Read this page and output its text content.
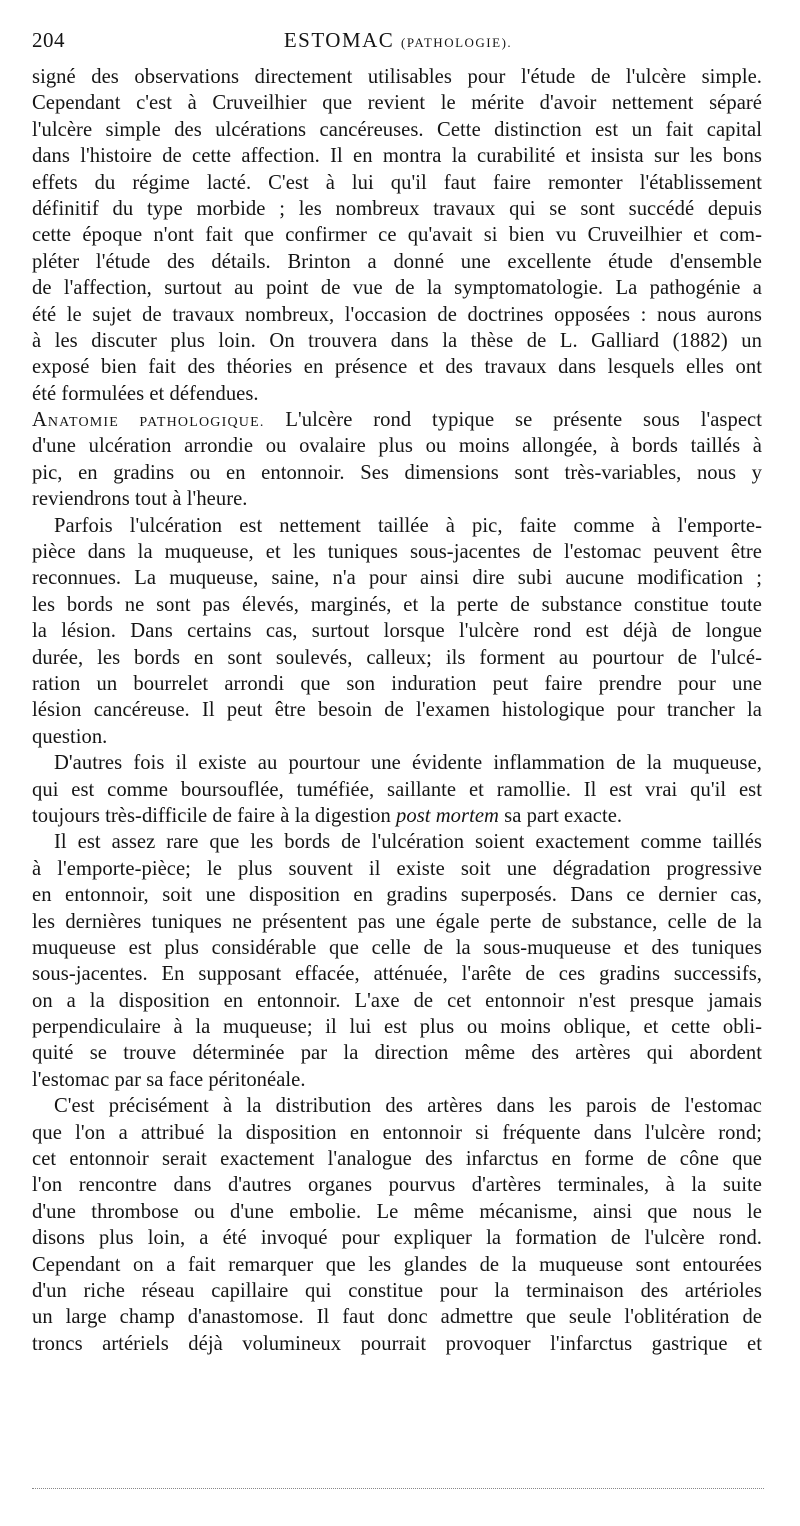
204	ESTOMAC (PATHOLOGIE).
signé des observations directement utilisables pour l'étude de l'ulcère simple.
Cependant c'est à Cruveilhier que revient le mérite d'avoir nettement séparé
l'ulcère simple des ulcérations cancéreuses. Cette distinction est un fait capital
dans l'histoire de cette affection. Il en montra la curabilité et insista sur les bons
effets du régime lacté. C'est à lui qu'il faut faire remonter l'établissement
définitif du type morbide ; les nombreux travaux qui se sont succédé depuis
cette époque n'ont fait que confirmer ce qu'avait si bien vu Cruveilhier et com-
pléter l'étude des détails. Brinton a donné une excellente étude d'ensemble
de l'affection, surtout au point de vue de la symptomatologie. La pathogénie a
été le sujet de travaux nombreux, l'occasion de doctrines opposées : nous aurons
à les discuter plus loin. On trouvera dans la thèse de L. Galliard (1882) un
exposé bien fait des théories en présence et des travaux dans lesquels elles ont
été formulées et défendues.
ANATOMIE PATHOLOGIQUE. L'ulcère rond typique se présente sous l'aspect
d'une ulcération arrondie ou ovalaire plus ou moins allongée, à bords taillés à
pic, en gradins ou en entonnoir. Ses dimensions sont très-variables, nous y
reviendrons tout à l'heure.
Parfois l'ulcération est nettement taillée à pic, faite comme à l'emporte-
pièce dans la muqueuse, et les tuniques sous-jacentes de l'estomac peuvent être
reconnues. La muqueuse, saine, n'a pour ainsi dire subi aucune modification ;
les bords ne sont pas élevés, marginés, et la perte de substance constitue toute
la lésion. Dans certains cas, surtout lorsque l'ulcère rond est déjà de longue
durée, les bords en sont soulevés, calleux; ils forment au pourtour de l'ulcé-
ration un bourrelet arrondi que son induration peut faire prendre pour une
lésion cancéreuse. Il peut être besoin de l'examen histologique pour trancher la
question.
D'autres fois il existe au pourtour une évidente inflammation de la muqueuse,
qui est comme boursouflée, tuméfiée, saillante et ramollie. Il est vrai qu'il est
toujours très-difficile de faire à la digestion post mortem sa part exacte.
Il est assez rare que les bords de l'ulcération soient exactement comme taillés
à l'emporte-pièce; le plus souvent il existe soit une dégradation progressive
en entonnoir, soit une disposition en gradins superposés. Dans ce dernier cas,
les dernières tuniques ne présentent pas une égale perte de substance, celle de la
muqueuse est plus considérable que celle de la sous-muqueuse et des tuniques
sous-jacentes. En supposant effacée, atténuée, l'arête de ces gradins successifs,
on a la disposition en entonnoir. L'axe de cet entonnoir n'est presque jamais
perpendiculaire à la muqueuse; il lui est plus ou moins oblique, et cette obli-
quité se trouve déterminée par la direction même des artères qui abordent
l'estomac par sa face péritonéale.
C'est précisément à la distribution des artères dans les parois de l'estomac
que l'on a attribué la disposition en entonnoir si fréquente dans l'ulcère rond;
cet entonnoir serait exactement l'analogue des infarctus en forme de cône que
l'on rencontre dans d'autres organes pourvus d'artères terminales, à la suite
d'une thrombose ou d'une embolie. Le même mécanisme, ainsi que nous le
disons plus loin, a été invoqué pour expliquer la formation de l'ulcère rond.
Cependant on a fait remarquer que les glandes de la muqueuse sont entourées
d'un riche réseau capillaire qui constitue pour la terminaison des artérioles
un large champ d'anastomose. Il faut donc admettre que seule l'oblitération de
troncs artériels déjà volumineux pourrait provoquer l'infarctus gastrique et
